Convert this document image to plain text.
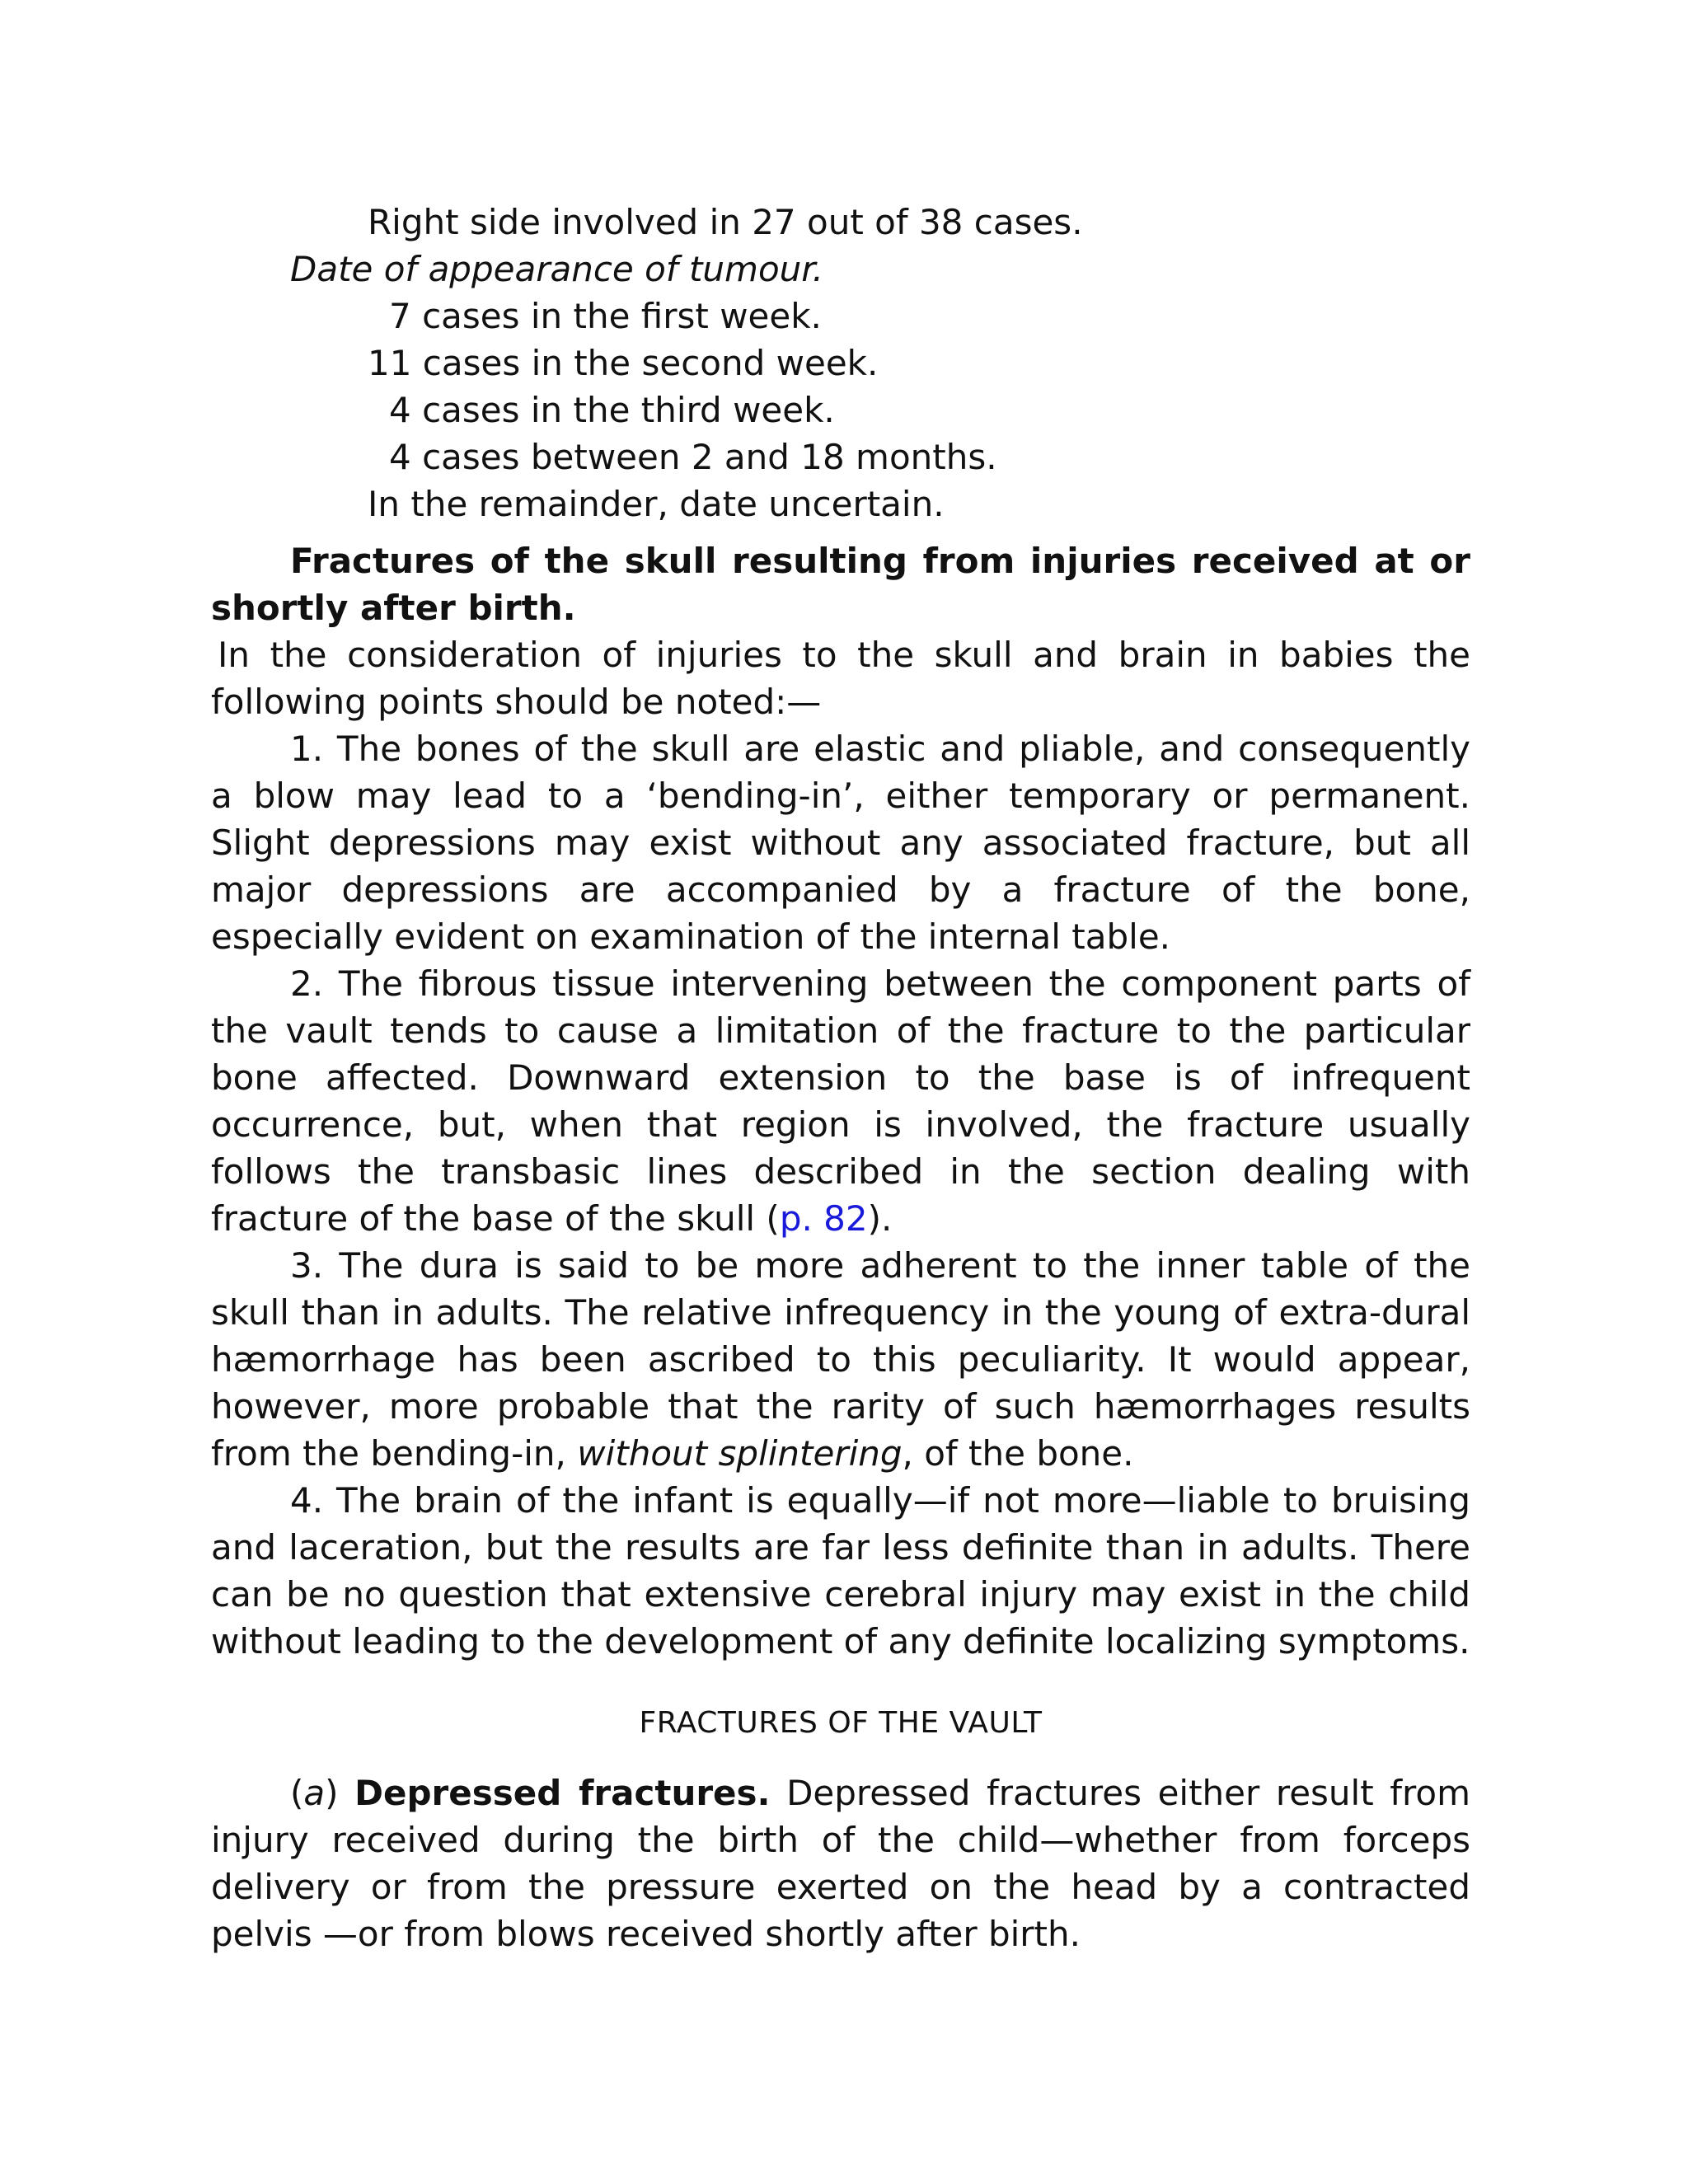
Right side involved in 27 out of 38 cases.
Date of appearance of tumour.
7 cases in the first week.
11 cases in the second week.
4 cases in the third week.
4 cases between 2 and 18 months.
In the remainder, date uncertain.
Fractures of the skull resulting from injuries received at or shortly after birth.
In the consideration of injuries to the skull and brain in babies the following points should be noted:—
1. The bones of the skull are elastic and pliable, and consequently a blow may lead to a ‘bending-in’, either temporary or permanent. Slight depressions may exist without any associated fracture, but all major depressions are accompanied by a fracture of the bone, especially evident on examination of the internal table.
2. The fibrous tissue intervening between the component parts of the vault tends to cause a limitation of the fracture to the particular bone affected. Downward extension to the base is of infrequent occurrence, but, when that region is involved, the fracture usually follows the transbasic lines described in the section dealing with fracture of the base of the skull (p. 82).
3. The dura is said to be more adherent to the inner table of the skull than in adults. The relative infrequency in the young of extra-dural hæmorrhage has been ascribed to this peculiarity. It would appear, however, more probable that the rarity of such hæmorrhages results from the bending-in, without splintering, of the bone.
4. The brain of the infant is equally—if not more—liable to bruising and laceration, but the results are far less definite than in adults. There can be no question that extensive cerebral injury may exist in the child without leading to the development of any definite localizing symptoms.
FRACTURES OF THE VAULT
(a) Depressed fractures. Depressed fractures either result from injury received during the birth of the child—whether from forceps delivery or from the pressure exerted on the head by a contracted pelvis —or from blows received shortly after birth.
